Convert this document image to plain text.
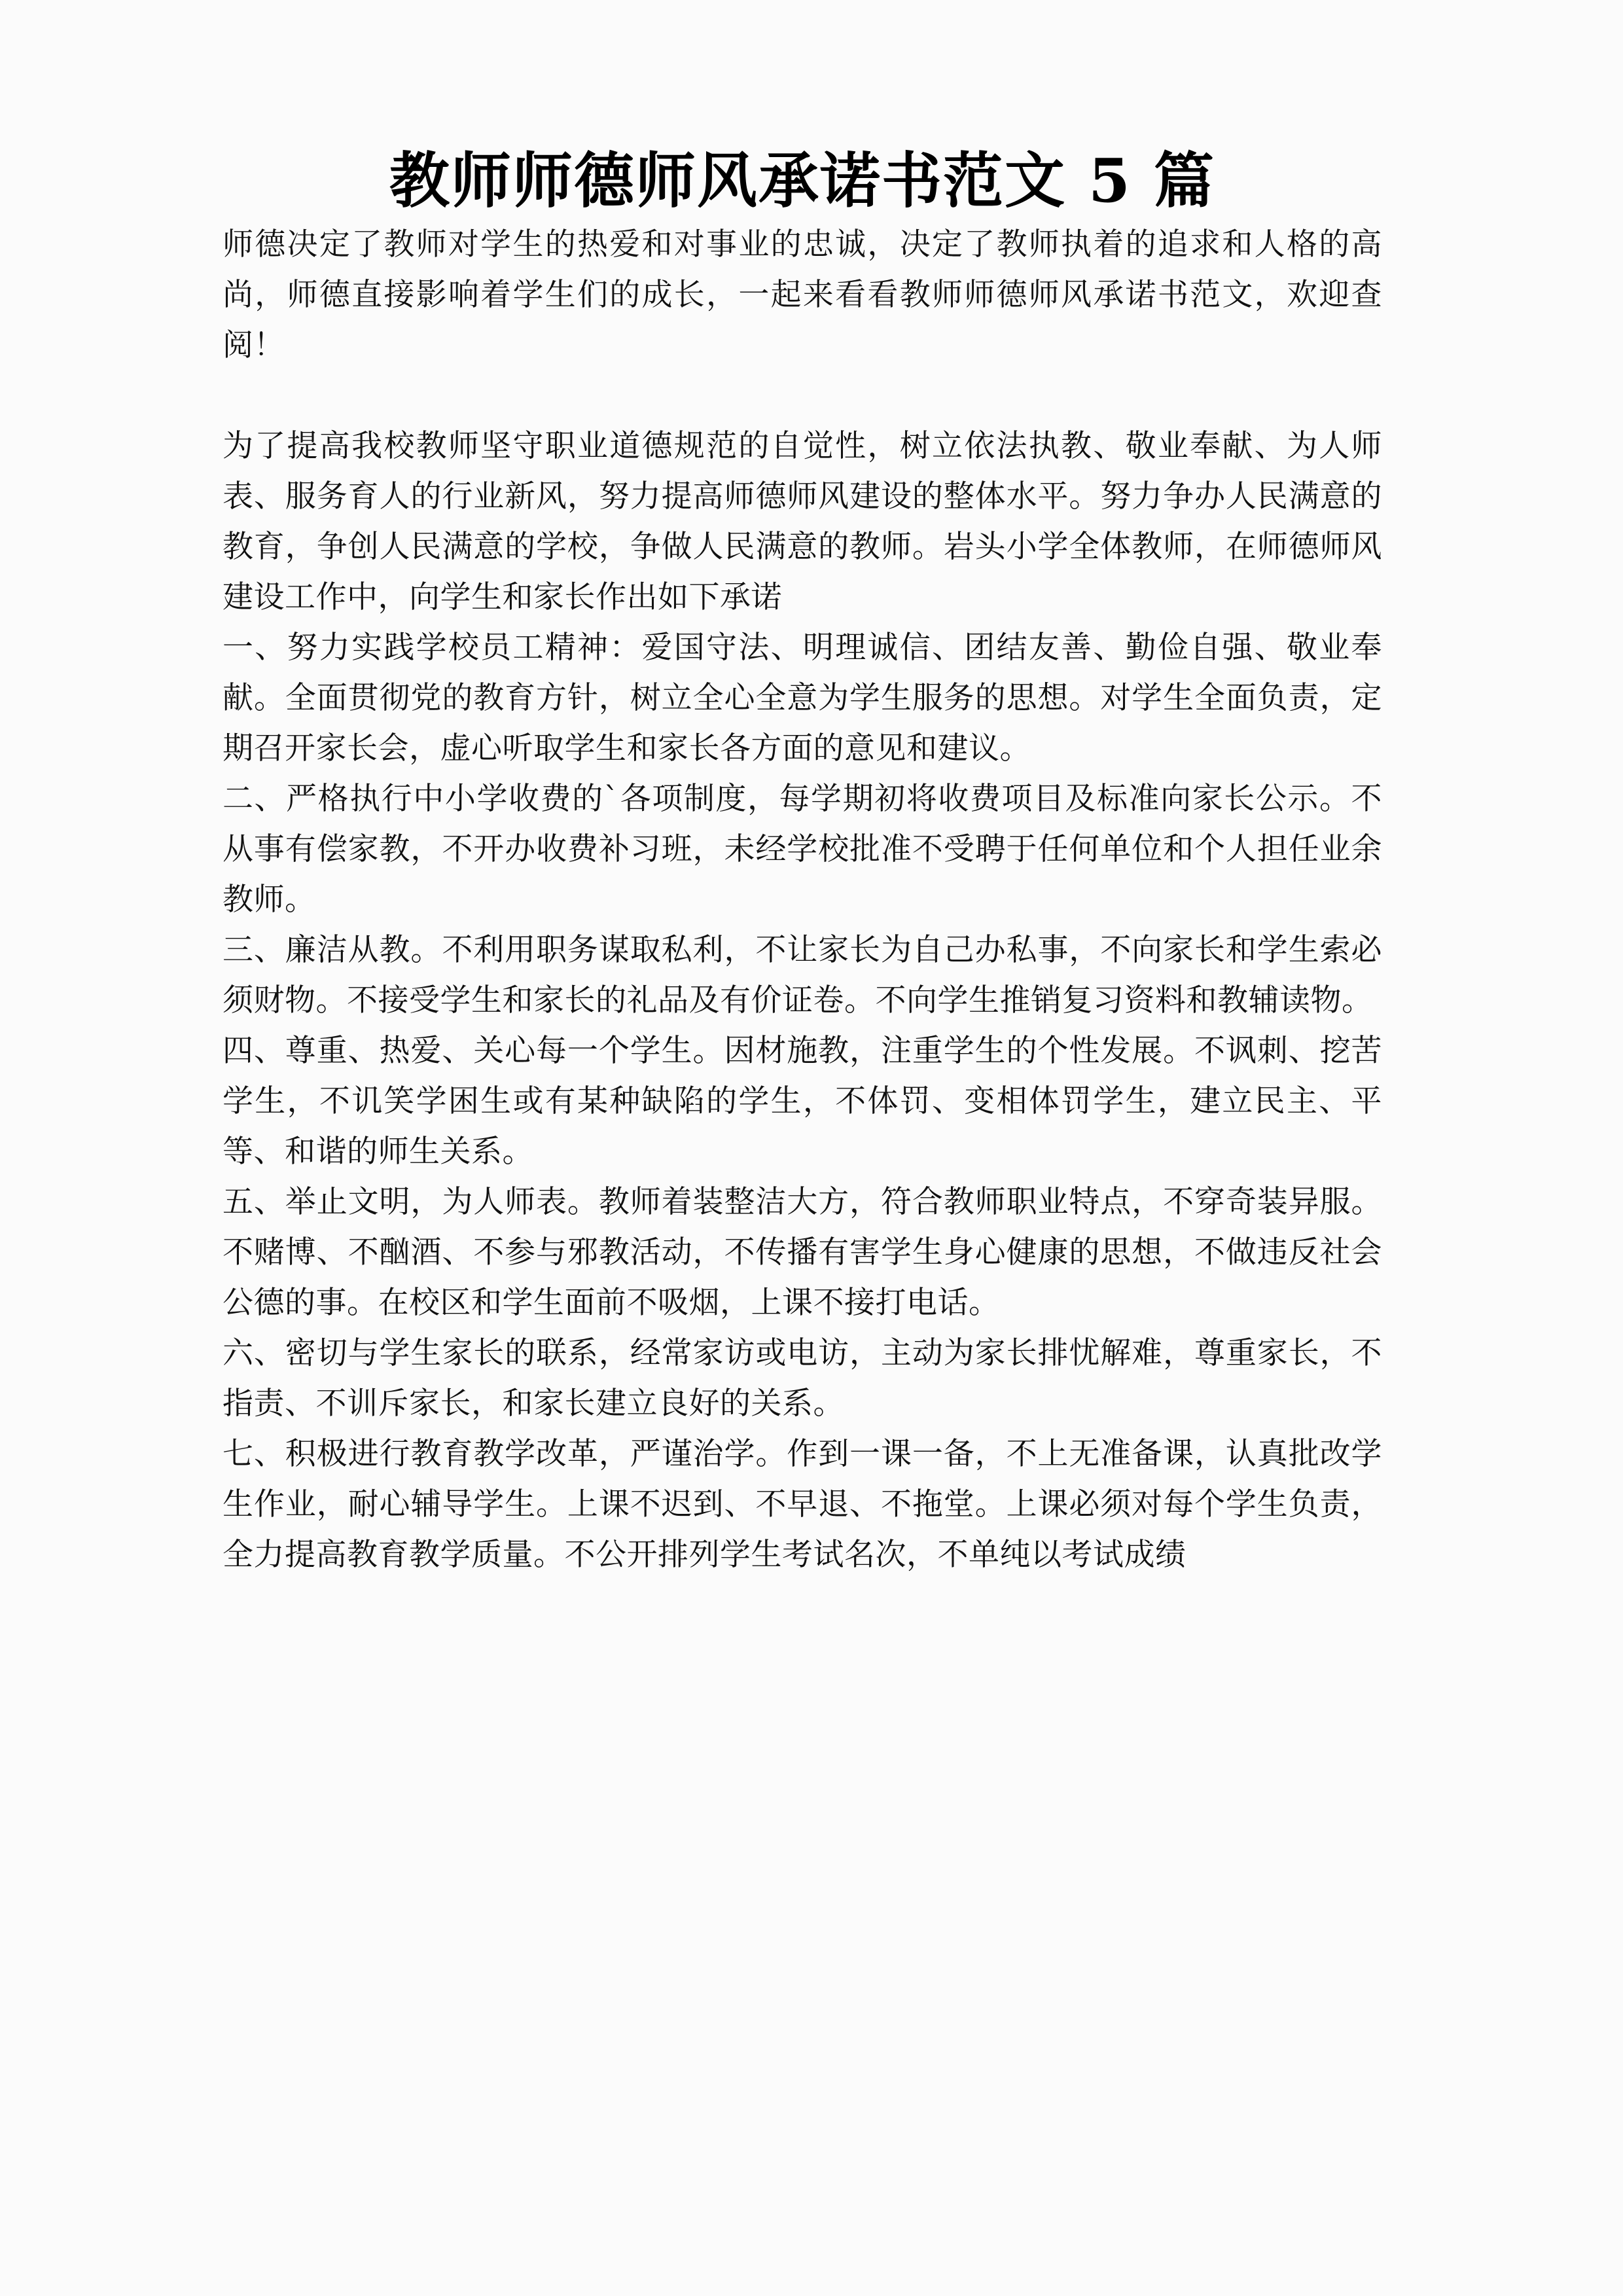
教师师德师风承诺书范文 5 篇

师德决定了教师对学生的热爱和对事业的忠诚，决定了教师执着的追求和人格的高尚，师德直接影响着学生们的成长，一起来看看教师师德师风承诺书范文，欢迎查阅！

为了提高我校教师坚守职业道德规范的自觉性，树立依法执教、敬业奉献、为人师表、服务育人的行业新风，努力提高师德师风建设的整体水平。努力争办人民满意的教育，争创人民满意的学校，争做人民满意的教师。岩头小学全体教师，在师德师风建设工作中，向学生和家长作出如下承诺

一、努力实践学校员工精神：爱国守法、明理诚信、团结友善、勤俭自强、敬业奉献。全面贯彻党的教育方针，树立全心全意为学生服务的思想。对学生全面负责，定期召开家长会，虚心听取学生和家长各方面的意见和建议。

二、严格执行中小学收费的`各项制度，每学期初将收费项目及标准向家长公示。不从事有偿家教，不开办收费补习班，未经学校批准不受聘于任何单位和个人担任业余教师。

三、廉洁从教。不利用职务谋取私利，不让家长为自己办私事，不向家长和学生索必须财物。不接受学生和家长的礼品及有价证卷。不向学生推销复习资料和教辅读物。

四、尊重、热爱、关心每一个学生。因材施教，注重学生的个性发展。不讽刺、挖苦学生，不讥笑学困生或有某种缺陷的学生，不体罚、变相体罚学生，建立民主、平等、和谐的师生关系。

五、举止文明，为人师表。教师着装整洁大方，符合教师职业特点，不穿奇装异服。不赌博、不酗酒、不参与邪教活动，不传播有害学生身心健康的思想，不做违反社会公德的事。在校区和学生面前不吸烟，上课不接打电话。

六、密切与学生家长的联系，经常家访或电访，主动为家长排忧解难，尊重家长，不指责、不训斥家长，和家长建立良好的关系。

七、积极进行教育教学改革，严谨治学。作到一课一备，不上无准备课，认真批改学生作业，耐心辅导学生。上课不迟到、不早退、不拖堂。上课必须对每个学生负责，全力提高教育教学质量。不公开排列学生考试名次，不单纯以考试成绩
